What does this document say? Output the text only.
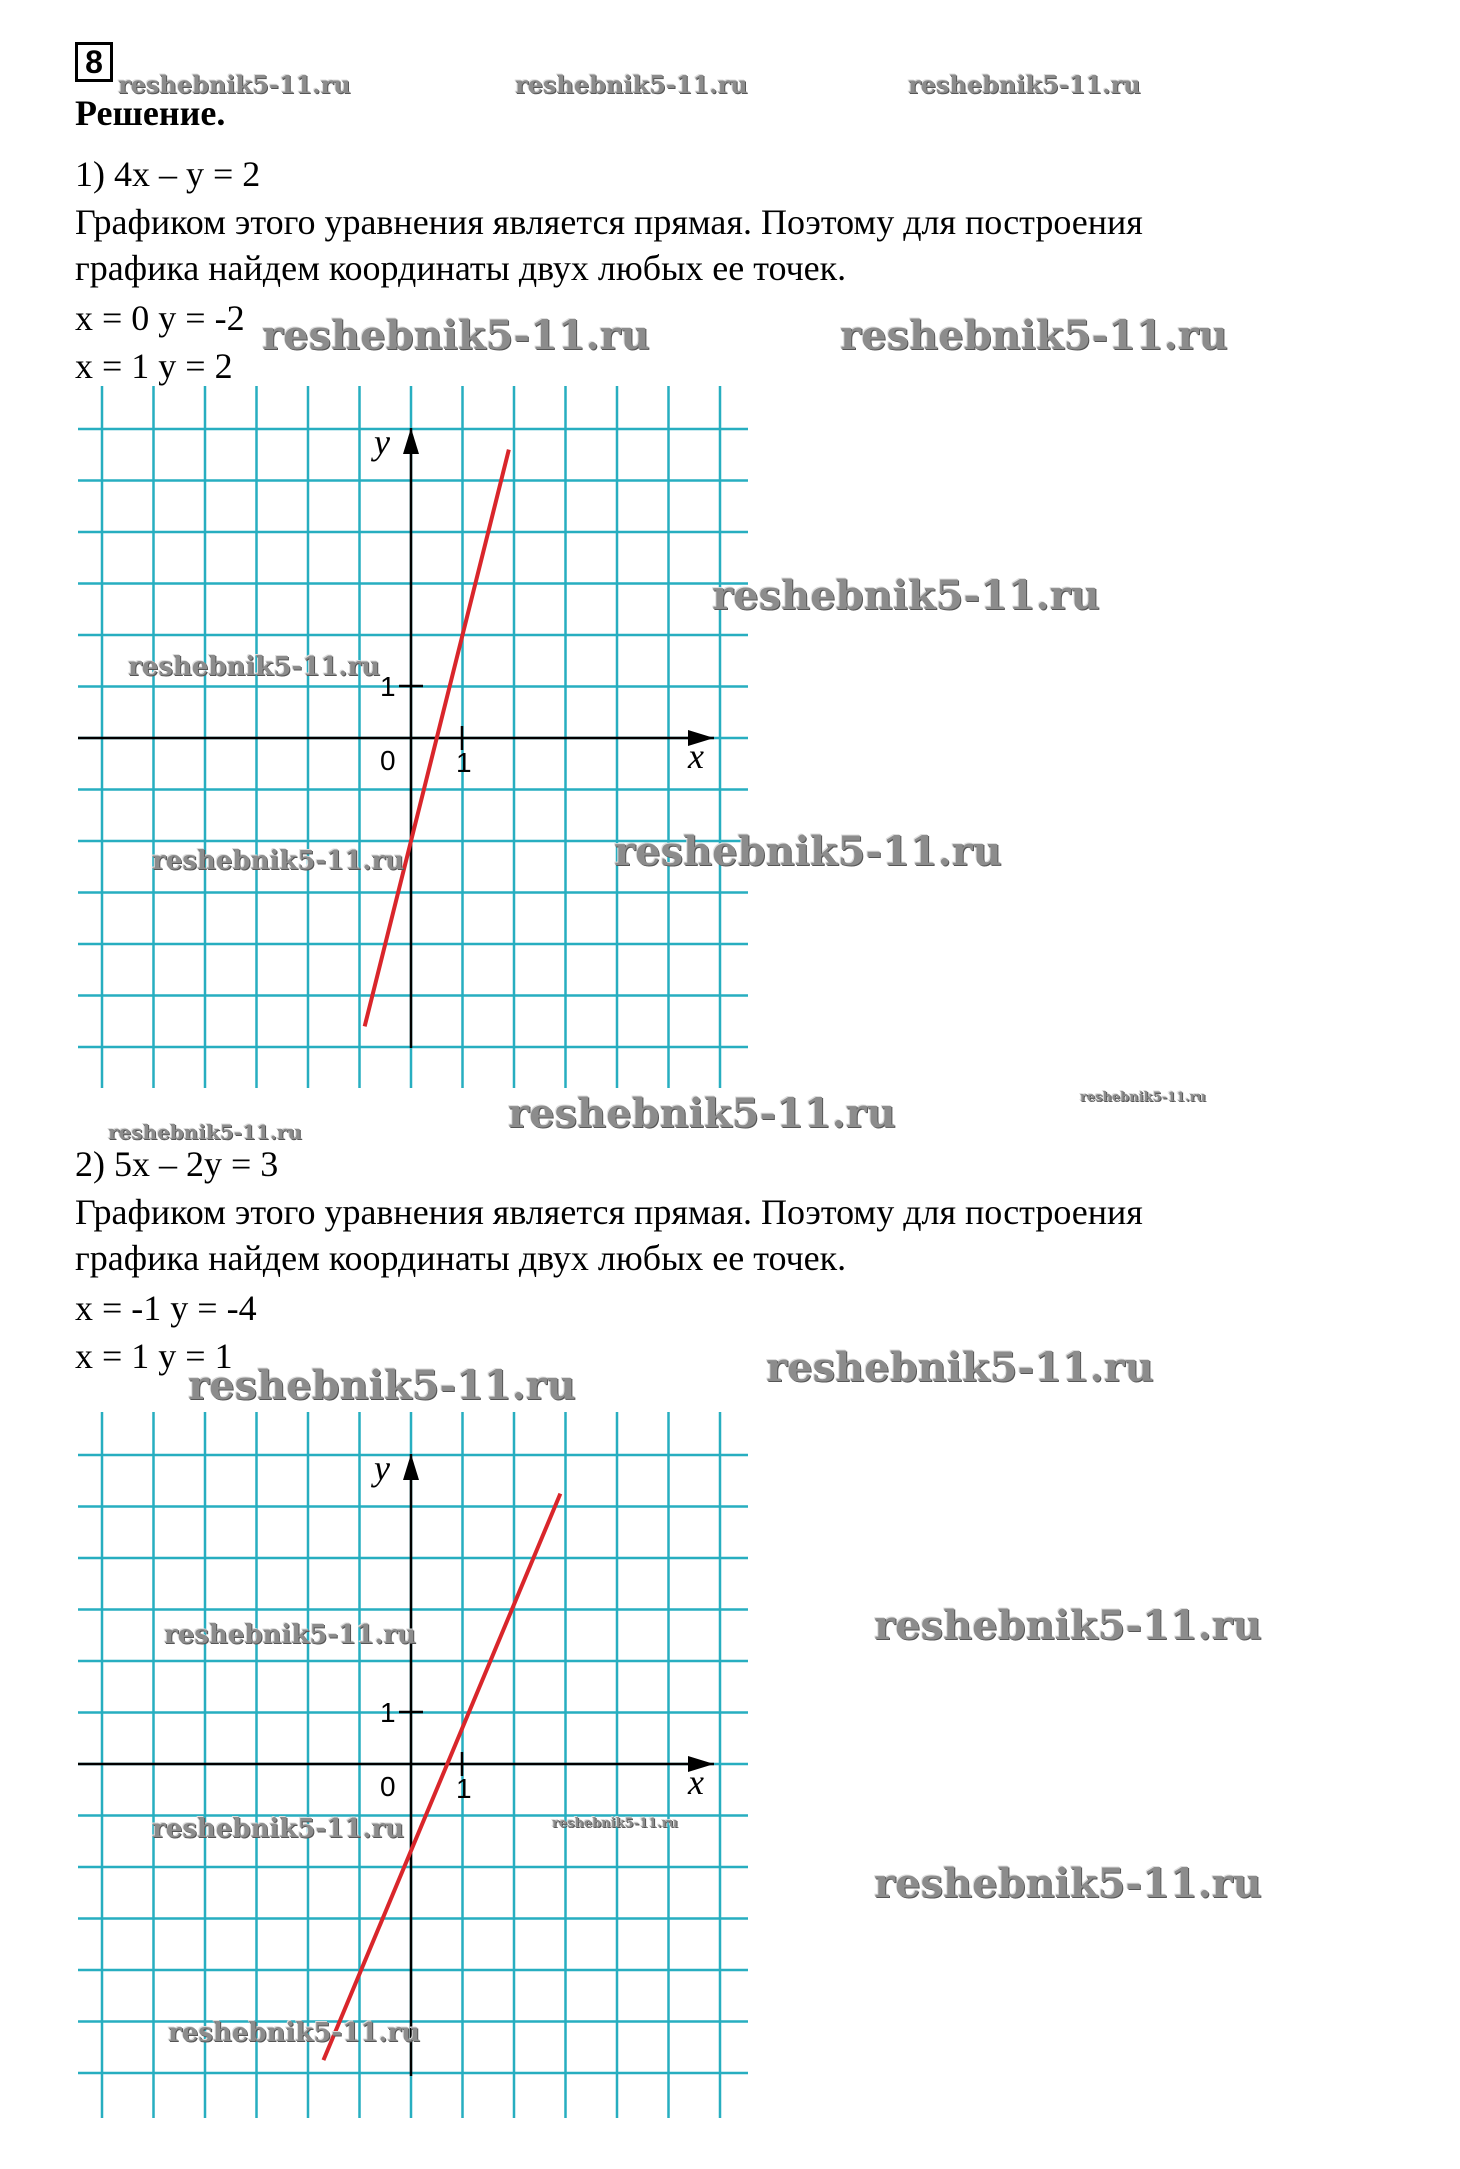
8
Решение.
reshebnik5-11.ru	reshebnik5-11.ru	reshebnik5-11.ru
1) 4x – y = 2
Графиком этого уравнения является прямая. Поэтому для построения
графика найдем координаты двух любых ее точек.
x = 0 y = -2
x = 1 y = 2
reshebnik5-11.ru	reshebnik5-11.ru
x
y
0 1
1
reshebnik5-11.ru
reshebnik5-11.ru
reshebnik5-11.ru	reshebnik5-11.ru
reshebnik5-11.ru	reshebnik5-11.ru
reshebnik5-11.ru
2) 5x – 2y = 3
Графиком этого уравнения является прямая. Поэтому для построения
графика найдем координаты двух любых ее точек.
x = -1 y = -4
x = 1 y = 1
reshebnik5-11.ru	reshebnik5-11.ru
x
y
0 1
1
reshebnik5-11.ru	reshebnik5-11.ru
reshebnik5-11.ru	reshebnik5-11.ru
reshebnik5-11.ru
reshebnik5-11.ru
